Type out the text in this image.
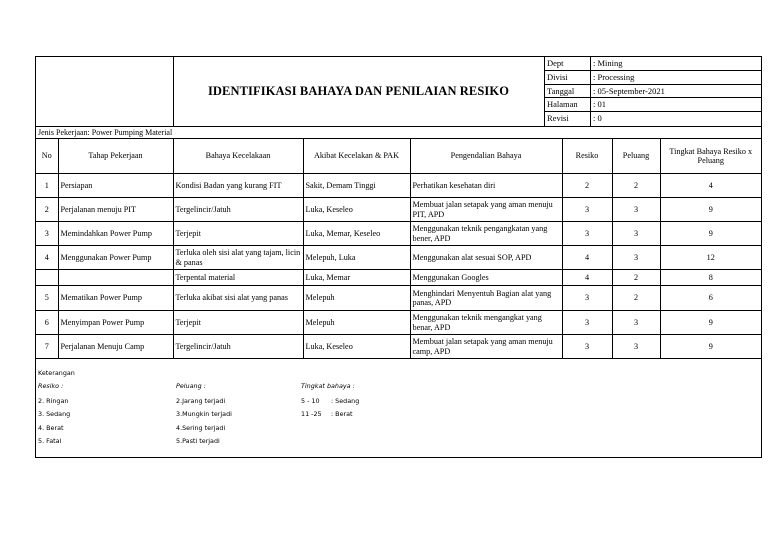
IDENTIFIKASI BAHAYA DAN PENILAIAN RESIKO
Dept	: Mining
Divisi	: Processing
Tanggal	: 05-September-2021
Halaman	: 01
Revisi	: 0
Jenis Pekerjaan: Power Pumping Material
No	Tahap Pekerjaan	Bahaya Kecelakaan	Akibat Kecelakan & PAK	Pengendalian Bahaya	Resiko	Peluang	Tingkat Bahaya Resiko x Peluang
1	Persiapan	Kondisi Badan yang kurang FIT	Sakit, Demam Tinggi	Perhatikan kesehatan diri	2	2	4
2	Perjalanan menuju PIT	Tergelincir/Jatuh	Luka, Keseleo	Membuat jalan setapak yang aman menuju PIT, APD	3	3	9
3	Memindahkan Power Pump	Terjepit	Luka, Memar, Keseleo	Menggunakan teknik pengangkatan yang bener, APD	3	3	9
4	Menggunakan Power Pump	Terluka oleh sisi alat yang tajam, licin & panas	Melepuh, Luka	Menggunakan alat sesuai SOP, APD	4	3	12
		Terpental material	Luka, Memar	Menggunakan Googles	4	2	8
5	Mematikan Power Pump	Terluka akibat sisi alat yang panas	Melepuh	Menghindari Menyentuh Bagian alat yang panas, APD	3	2	6
6	Menyimpan Power Pump	Terjepit	Melepuh	Menggunakan teknik mengangkat yang benar, APD	3	3	9
7	Perjalanan Menuju Camp	Tergelincir/Jatuh	Luka, Keseleo	Membuat jalan setapak yang aman menuju camp, APD	3	3	9
Keterangan
Resiko :
2. Ringan
3. Sedang
4. Berat
5. Fatal
Peluang :
2.Jarang terjadi
3.Mungkin terjadi
4.Sering terjadi
5.Pasti terjadi
Tingkat bahaya :
5 - 10 : Sedang
11 -25 : Berat
